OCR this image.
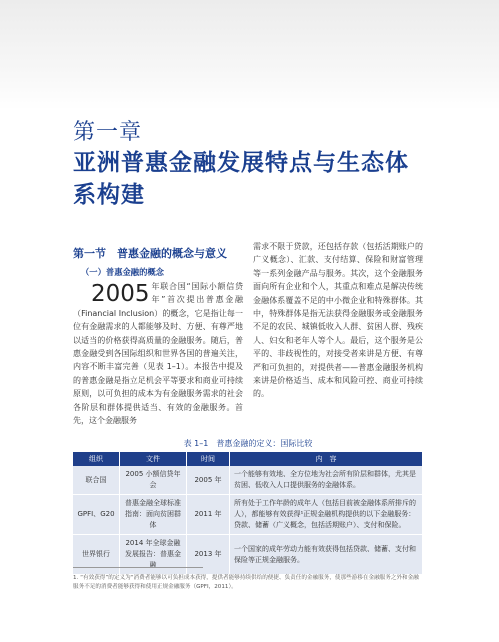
第一章
亚洲普惠金融发展特点与生态体系构建
第一节　普惠金融的概念与意义
（一）普惠金融的概念
2005 年联合国“国际小额信贷年”首次提出普惠金融（Financial Inclusion）的概念，它是指让每一位有金融需求的人都能够及时、方便、有尊严地以适当的价格获得高质量的金融服务。随后，普惠金融受到各国际组织和世界各国的普遍关注，内容不断丰富完善（见表 1–1）。本报告中提及的普惠金融是指立足机会平等要求和商业可持续原则，以可负担的成本为有金融服务需求的社会各阶层和群体提供适当、有效的金融服务。首先，这个金融服务
需求不限于贷款，还包括存款（包括活期账户的广义概念）、汇款、支付结算、保险和财富管理等一系列金融产品与服务。其次，这个金融服务面向所有企业和个人，其重点和难点是解决传统金融体系覆盖不足的中小微企业和特殊群体。其中，特殊群体是指无法获得金融服务或金融服务不足的农民、城镇低收入人群、贫困人群、残疾人、妇女和老年人等个人。最后，这个服务是公平的、非歧视性的，对接受者来讲是方便、有尊严和可负担的，对提供者——普惠金融服务机构来讲是价格适当、成本和风险可控、商业可持续的。
表 1–1　普惠金融的定义：国际比较
组织	文件	时间	内　容
联合国	2005 小额信贷年会	2005 年	一个能够有效地、全方位地为社会所有阶层和群体，尤其是贫困、低收入人口提供服务的金融体系。
GPFI、G20	普惠金融全球标准指南：面向贫困群体	2011 年	所有处于工作年龄的成年人（包括目前被金融体系所排斥的人），都能够有效获得¹正规金融机构提供的以下金融服务：贷款、储蓄（广义概念，包括活期账户）、支付和保险。
世界银行	2014 年全球金融发展报告：普惠金融	2013 年	一个国家的成年劳动力能有效获得包括贷款、储蓄、支付和保险等正规金融服务。
1. “有效获得”的定义为“消费者能够以可负担成本获得，提供者能够持续供给的便捷、负责任的金融服务，使那些游移在金融服务之外和金融服务不足的消费者能够获得和使用正规金融服务（GPFI，2011）。
